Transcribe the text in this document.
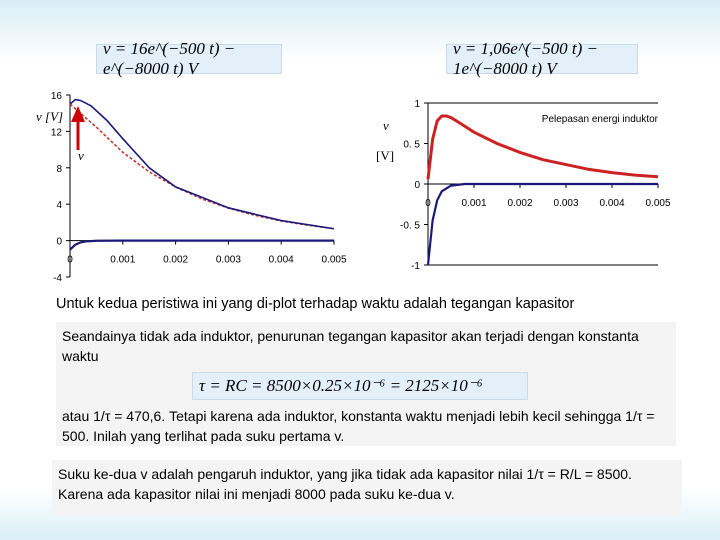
v = 16e^(−500 t) − e^(−8000 t) V
v = 1,06e^(−500 t) − 1e^(−8000 t) V
-4
0
4
8
12
16
0	0.001	0.002	0.003	0.004	0.005
v [V]
v
-1
-0. 5
0
0. 5
1
0	0.001 0.002 0.003 0.004 0.005
[V]
v	Pelepasan energi induktor
Untuk kedua peristiwa ini yang di-plot terhadap waktu adalah tegangan kapasitor
Seandainya tidak ada induktor, penurunan tegangan kapasitor akan terjadi dengan konstanta waktu
τ = RC = 8500×0.25×10⁻⁶ = 2125×10⁻⁶
atau 1/τ = 470,6. Tetapi karena ada induktor, konstanta waktu menjadi lebih kecil sehingga 1/τ = 500. Inilah yang terlihat pada suku pertama v.
Suku ke-dua v adalah pengaruh induktor, yang jika tidak ada kapasitor nilai 1/τ = R/L = 8500. Karena ada kapasitor nilai ini menjadi 8000 pada suku ke-dua v.
